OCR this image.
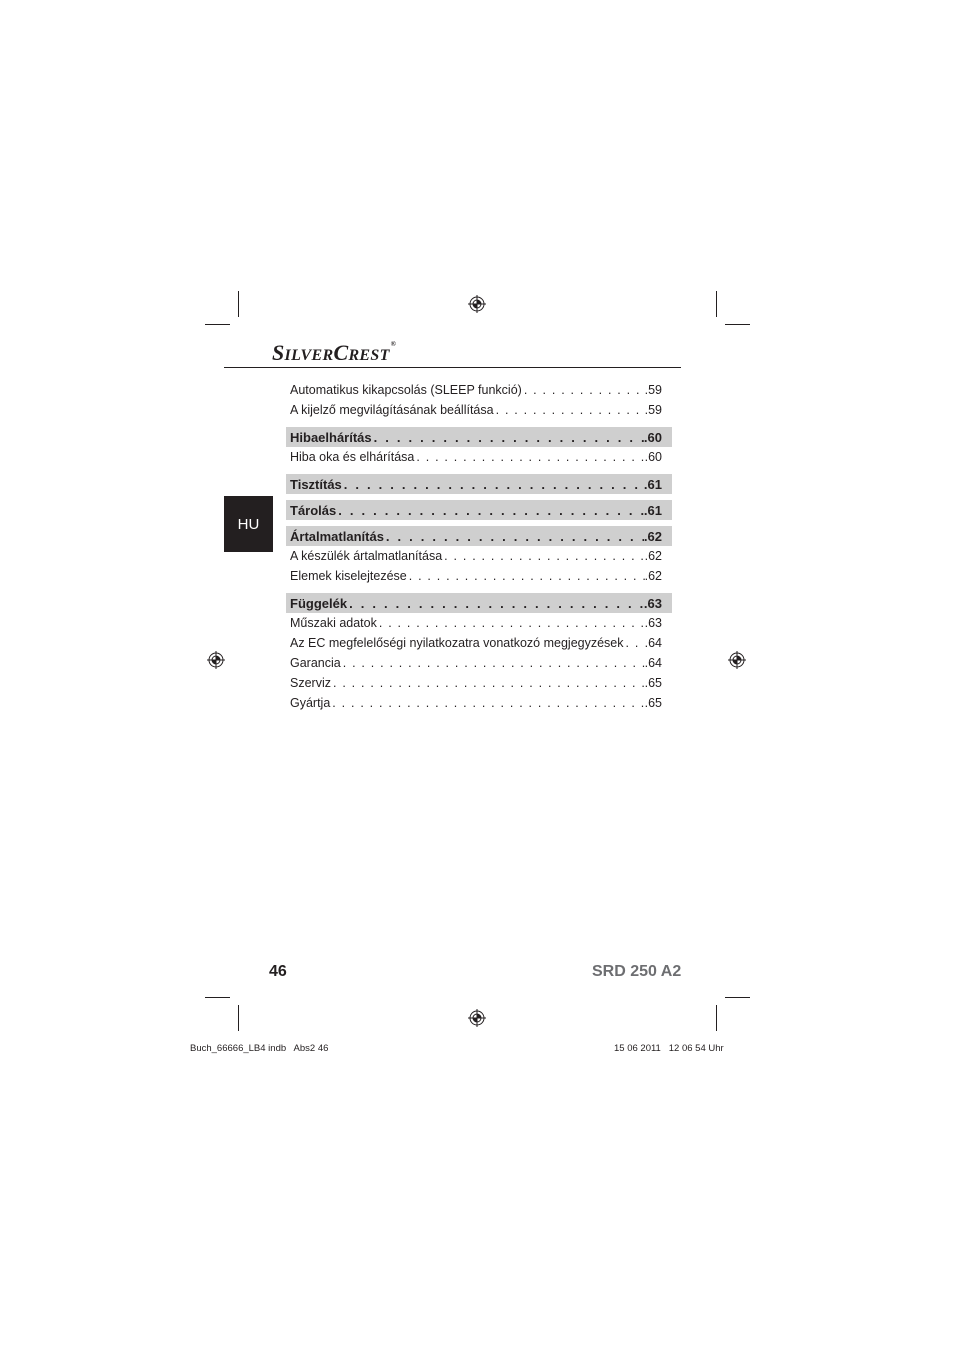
SILVERCREST®
HU
Automatikus kikapcsolás (SLEEP funkció) . . .	.59
A kijelző megvilágításának beállítása . . .	.59
Hibaelhárítás . . .	.60
Hiba oka és elhárítása . . .	.60
Tisztítás . . .	.61
Tárolás . . .	.61
Ártalmatlanítás . . .	.62
A készülék ártalmatlanítása . . .	.62
Elemek kiselejtezése . . .	.62
Függelék . . .	.63
Műszaki adatok . . .	.63
Az EC megfelelőségi nyilatkozatra vonatkozó megjegyzések . . . .64
Garancia . . .	.64
Szerviz . . .	.65
Gyártja . . .	.65
46	SRD 250 A2
Buch_66666_LB4 indb   Abs2 46	15 06 2011   12 06 54 Uhr
